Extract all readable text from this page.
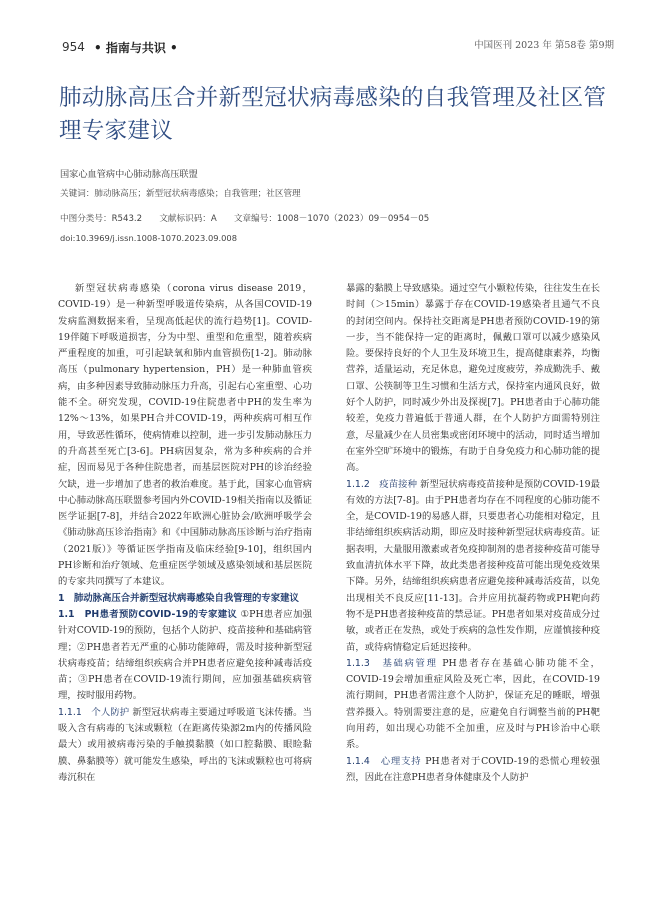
954 • 指南与共识 •	中国医刊 2023 年 第58卷 第9期
肺动脉高压合并新型冠状病毒感染的自我管理及社区管理专家建议
国家心血管病中心肺动脉高压联盟
关键词：肺动脉高压；新型冠状病毒感染；自我管理；社区管理
中图分类号：R543.2　　文献标识码：A　　文章编号：1008－1070（2023）09－0954－05
doi:10.3969/j.issn.1008-1070.2023.09.008

新型冠状病毒感染（corona virus disease 2019，COVID-19）是一种新型呼吸道传染病，从各国COVID-19发病监测数据来看，呈现高低起伏的流行趋势[1]。COVID-19伴随下呼吸道损害，分为中型、重型和危重型，随着疾病严重程度的加重，可引起缺氧和肺内血管损伤[1-2]。肺动脉高压（pulmonary hypertension，PH）是一种肺血管疾病，由多种因素导致肺动脉压力升高，引起右心室重塑、心功能不全。研究发现，COVID-19住院患者中PH的发生率为12%～13%，如果PH合并COVID-19，两种疾病可相互作用，导致恶性循环，使病情难以控制，进一步引发肺动脉压力的升高甚至死亡[3-6]。PH病因复杂，常为多种疾病的合并症，因而易见于各种住院患者，而基层医院对PH的诊治经验欠缺，进一步增加了患者的救治难度。基于此，国家心血管病中心肺动脉高压联盟参考国内外COVID-19相关指南以及循证医学证据[7-8]，并结合2022年欧洲心脏协会/欧洲呼吸学会《肺动脉高压诊治指南》和《中国肺动脉高压诊断与治疗指南（2021版）》等循证医学指南及临床经验[9-10]，组织国内PH诊断和治疗领域、危重症医学领域及感染领域和基层医院的专家共同撰写了本建议。

1　肺动脉高压合并新型冠状病毒感染自我管理的专家建议

1.1　PH患者预防COVID-19的专家建议 ①PH患者应加强针对COVID-19的预防，包括个人防护、疫苗接种和基础病管理；②PH患者若无严重的心肺功能障碍，需及时接种新型冠状病毒疫苗；结缔组织疾病合并PH患者应避免接种减毒活疫苗；③PH患者在COVID-19流行期间，应加强基础疾病管理，按时服用药物。

1.1.1　个人防护 新型冠状病毒主要通过呼吸道飞沫传播。当吸入含有病毒的飞沫或颗粒（在距离传染源2m内的传播风险最大）或用被病毒污染的手触摸黏膜（如口腔黏膜、眼睑黏膜、鼻黏膜等）就可能发生感染，呼出的飞沫或颗粒也可将病毒沉积在

暴露的黏膜上导致感染。通过空气小颗粒传染，往往发生在长时间（＞15min）暴露于存在COVID-19感染者且通气不良的封闭空间内。保持社交距离是PH患者预防COVID-19的第一步，当不能保持一定的距离时，佩戴口罩可以减少感染风险。要保持良好的个人卫生及环境卫生，提高健康素养，均衡营养，适量运动，充足休息，避免过度疲劳，养成勤洗手、戴口罩、公筷制等卫生习惯和生活方式，保持室内通风良好，做好个人防护，同时减少外出及探视[7]。PH患者由于心肺功能较差，免疫力普遍低于普通人群，在个人防护方面需特别注意，尽量减少在人员密集或密闭环境中的活动，同时适当增加在室外空旷环境中的锻炼，有助于自身免疫力和心肺功能的提高。

1.1.2　疫苗接种 新型冠状病毒疫苗接种是预防COVID-19最有效的方法[7-8]。由于PH患者均存在不同程度的心肺功能不全，是COVID-19的易感人群，只要患者心功能相对稳定，且非结缔组织疾病活动期，即应及时接种新型冠状病毒疫苗。证据表明，大量服用激素或者免疫抑制剂的患者接种疫苗可能导致血清抗体水平下降，故此类患者接种疫苗可能出现免疫效果下降。另外，结缔组织疾病患者应避免接种减毒活疫苗，以免出现相关不良反应[11-13]。合并应用抗凝药物或PH靶向药物不是PH患者接种疫苗的禁忌证。PH患者如果对疫苗成分过敏，或者正在发热，或处于疾病的急性发作期，应谨慎接种疫苗，或待病情稳定后延迟接种。

1.1.3　基础病管理 PH患者存在基础心肺功能不全，COVID-19会增加重症风险及死亡率，因此，在COVID-19流行期间，PH患者需注意个人防护，保证充足的睡眠，增强营养摄入。特别需要注意的是，应避免自行调整当前的PH靶向用药，如出现心功能不全加重，应及时与PH诊治中心联系。

1.1.4　心理支持 PH患者对于COVID-19的恐慌心理较强烈，因此在注意PH患者身体健康及个人防护
